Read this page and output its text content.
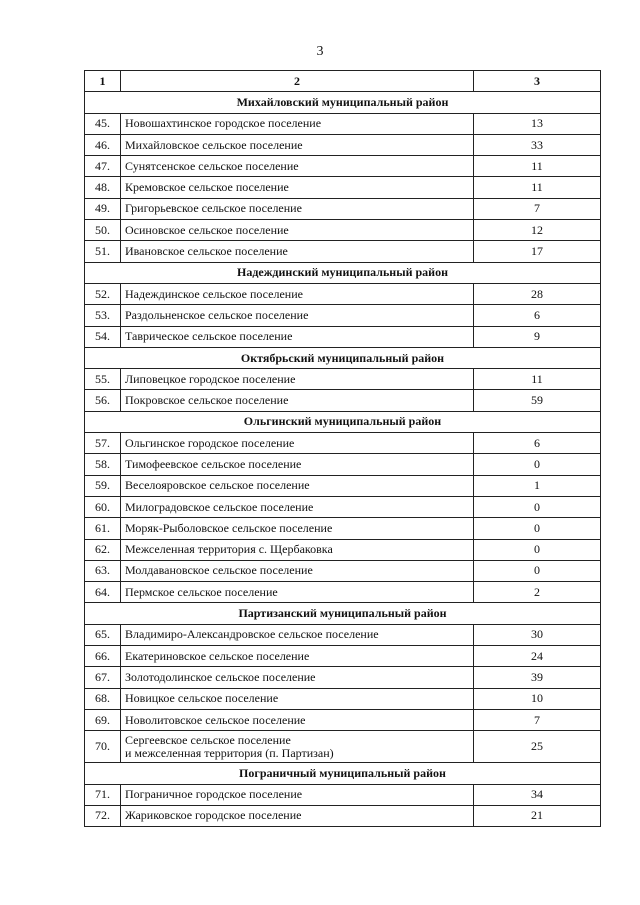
3
1	2	3
Михайловский муниципальный район		
45.	Новошахтинское городское поселение	13
46.	Михайловское сельское поселение	33
47.	Сунятсенское сельское поселение	11
48.	Кремовское сельское поселение	11
49.	Григорьевское сельское поселение	7
50.	Осиновское сельское поселение	12
51.	Ивановское сельское поселение	17
Надеждинский муниципальный район		
52.	Надеждинское сельское поселение	28
53.	Раздольненское сельское поселение	6
54.	Таврическое сельское поселение	9
Октябрьский муниципальный район		
55.	Липовецкое городское поселение	11
56.	Покровское сельское поселение	59
Ольгинский муниципальный район		
57.	Ольгинское городское поселение	6
58.	Тимофеевское сельское поселение	0
59.	Веселояровское сельское поселение	1
60.	Милоградовское сельское поселение	0
61.	Моряк-Рыболовское сельское поселение	0
62.	Межселенная территория с. Щербаковка	0
63.	Молдавановское сельское поселение	0
64.	Пермское сельское поселение	2
Партизанский муниципальный район		
65.	Владимиро-Александровское сельское поселение	30
66.	Екатериновское сельское поселение	24
67.	Золотодолинское сельское поселение	39
68.	Новицкое сельское поселение	10
69.	Новолитовское сельское поселение	7
70.	Сергеевское сельское поселение
и межселенная территория (п. Партизан)	25
Пограничный муниципальный район		
71.	Пограничное городское поселение	34
72.	Жариковское городское поселение	21
